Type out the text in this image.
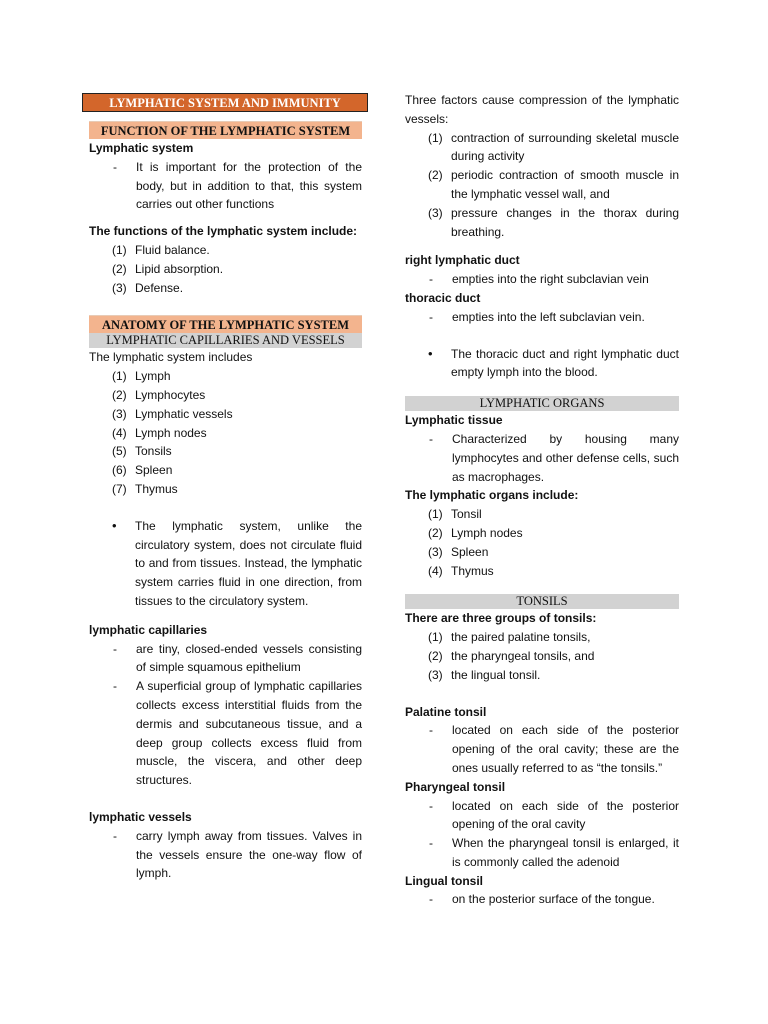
LYMPHATIC SYSTEM AND IMMUNITY
FUNCTION OF THE LYMPHATIC SYSTEM
Lymphatic system
-	It is important for the protection of the body, but in addition to that, this system carries out other functions
The functions of the lymphatic system include:
(1) Fluid balance.
(2) Lipid absorption.
(3) Defense.
ANATOMY OF THE LYMPHATIC SYSTEM
LYMPHATIC CAPILLARIES AND VESSELS
The lymphatic system includes
(1) Lymph
(2) Lymphocytes
(3) Lymphatic vessels
(4) Lymph nodes
(5) Tonsils
(6) Spleen
(7) Thymus
•	The lymphatic system, unlike the circulatory system, does not circulate fluid to and from tissues. Instead, the lymphatic system carries fluid in one direction, from tissues to the circulatory system.
lymphatic capillaries
-	are tiny, closed-ended vessels consisting of simple squamous epithelium
-	A superficial group of lymphatic capillaries collects excess interstitial fluids from the dermis and subcutaneous tissue, and a deep group collects excess fluid from muscle, the viscera, and other deep structures.
lymphatic vessels
-	carry lymph away from tissues. Valves in the vessels ensure the one-way flow of lymph.
Three factors cause compression of the lymphatic vessels:
(1) contraction of surrounding skeletal muscle during activity
(2) periodic contraction of smooth muscle in the lymphatic vessel wall, and
(3) pressure changes in the thorax during breathing.
right lymphatic duct
-	empties into the right subclavian vein
thoracic duct
-	empties into the left subclavian vein.
•	The thoracic duct and right lymphatic duct empty lymph into the blood.
LYMPHATIC ORGANS
Lymphatic tissue
-	Characterized by housing many lymphocytes and other defense cells, such as macrophages.
The lymphatic organs include:
(1) Tonsil
(2) Lymph nodes
(3) Spleen
(4) Thymus
TONSILS
There are three groups of tonsils:
(1) the paired palatine tonsils,
(2) the pharyngeal tonsils, and
(3) the lingual tonsil.
Palatine tonsil
-	located on each side of the posterior opening of the oral cavity; these are the ones usually referred to as “the tonsils.”
Pharyngeal tonsil
-	located on each side of the posterior opening of the oral cavity
-	When the pharyngeal tonsil is enlarged, it is commonly called the adenoid
Lingual tonsil
-	on the posterior surface of the tongue.
